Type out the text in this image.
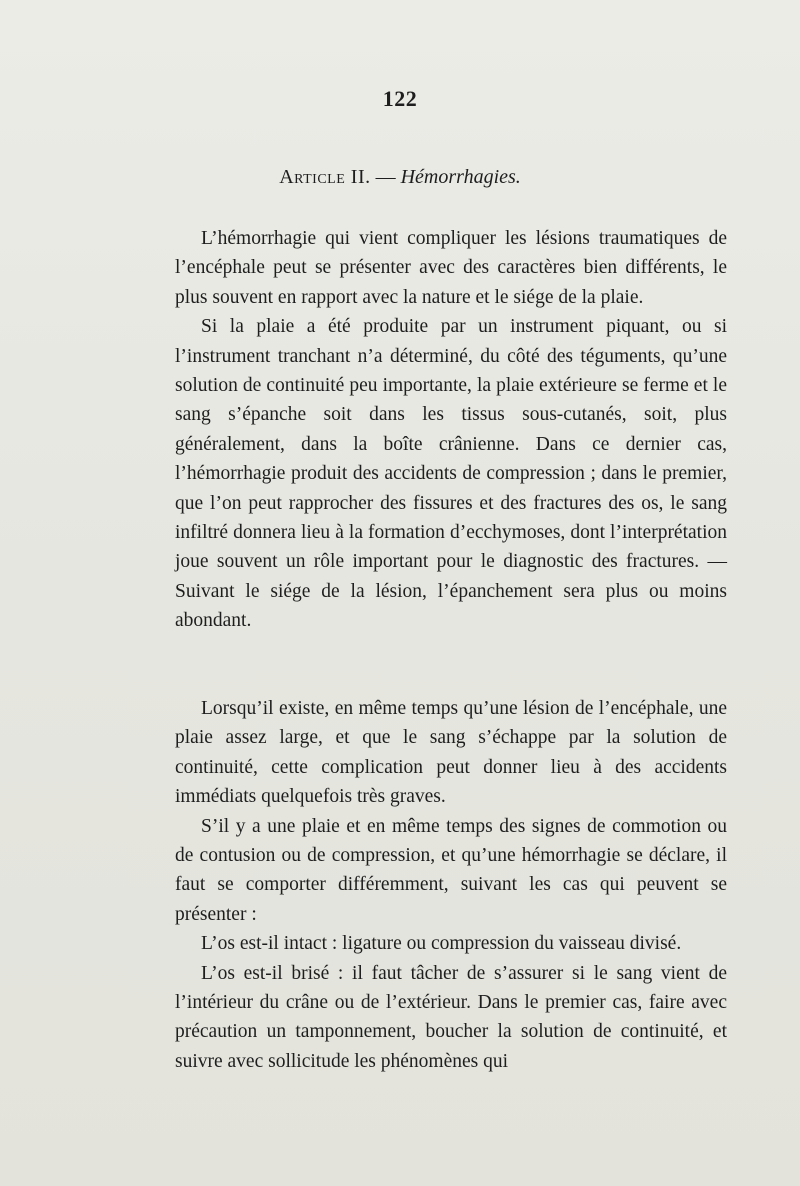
122
Article II. — Hémorrhagies.

L’hémorrhagie qui vient compliquer les lésions traumatiques de l’encéphale peut se présenter avec des caractères bien différents, le plus souvent en rapport avec la nature et le siége de la plaie.

Si la plaie a été produite par un instrument piquant, ou si l’instrument tranchant n’a déterminé, du côté des téguments, qu’une solution de continuité peu importante, la plaie extérieure se ferme et le sang s’épanche soit dans les tissus sous-cutanés, soit, plus généralement, dans la boîte crânienne. Dans ce dernier cas, l’hémorrhagie produit des accidents de compression ; dans le premier, que l’on peut rapprocher des fissures et des fractures des os, le sang infiltré donnera lieu à la formation d’ecchymoses, dont l’interprétation joue souvent un rôle important pour le diagnostic des fractures. — Suivant le siége de la lésion, l’épanchement sera plus ou moins abondant.

Lorsqu’il existe, en même temps qu’une lésion de l’encéphale, une plaie assez large, et que le sang s’échappe par la solution de continuité, cette complication peut donner lieu à des accidents immédiats quelquefois très graves.

S’il y a une plaie et en même temps des signes de commotion ou de contusion ou de compression, et qu’une hémorrhagie se déclare, il faut se comporter différemment, suivant les cas qui peuvent se présenter :

L’os est-il intact : ligature ou compression du vaisseau divisé.

L’os est-il brisé : il faut tâcher de s’assurer si le sang vient de l’intérieur du crâne ou de l’extérieur. Dans le premier cas, faire avec précaution un tamponnement, boucher la solution de continuité, et suivre avec sollicitude les phénomènes qui
